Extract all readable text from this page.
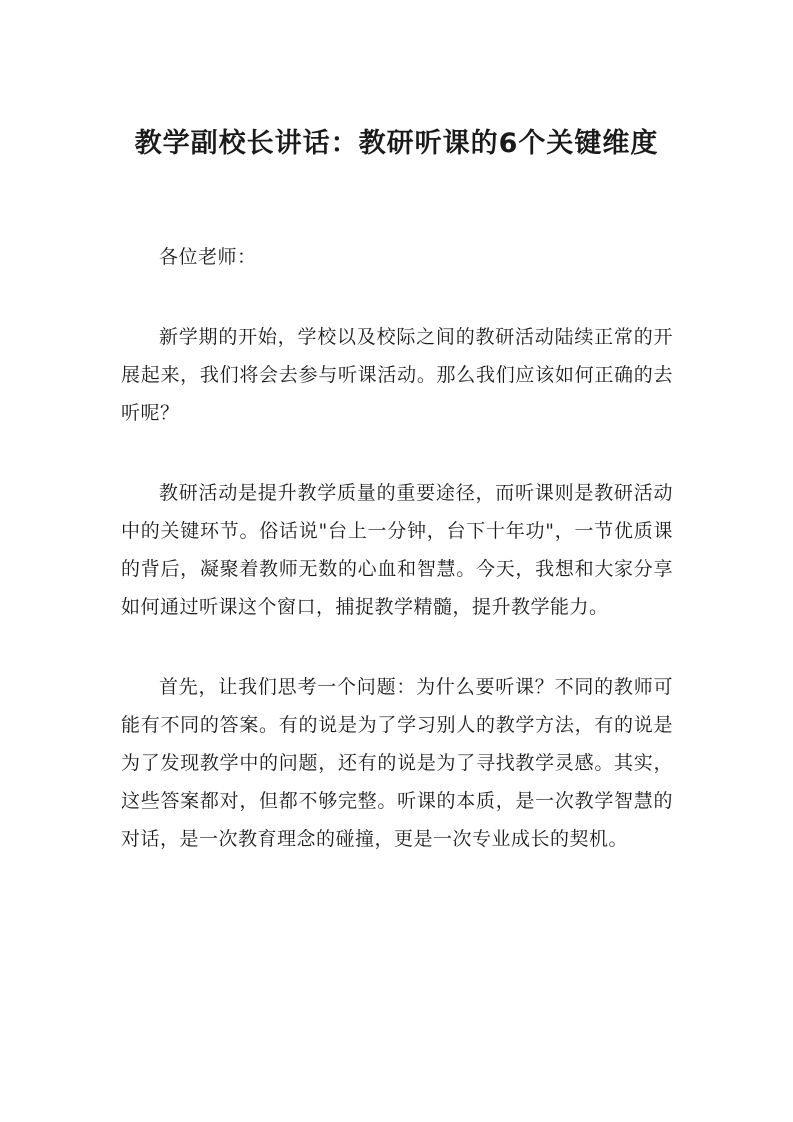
教学副校长讲话：教研听课的6个关键维度

各位老师：

新学期的开始，学校以及校际之间的教研活动陆续正常的开展起来，我们将会去参与听课活动。那么我们应该如何正确的去听呢？

教研活动是提升教学质量的重要途径，而听课则是教研活动中的关键环节。俗话说"台上一分钟，台下十年功"，一节优质课的背后，凝聚着教师无数的心血和智慧。今天，我想和大家分享如何通过听课这个窗口，捕捉教学精髓，提升教学能力。

首先，让我们思考一个问题：为什么要听课？不同的教师可能有不同的答案。有的说是为了学习别人的教学方法，有的说是为了发现教学中的问题，还有的说是为了寻找教学灵感。其实，这些答案都对，但都不够完整。听课的本质，是一次教学智慧的对话，是一次教育理念的碰撞，更是一次专业成长的契机。
